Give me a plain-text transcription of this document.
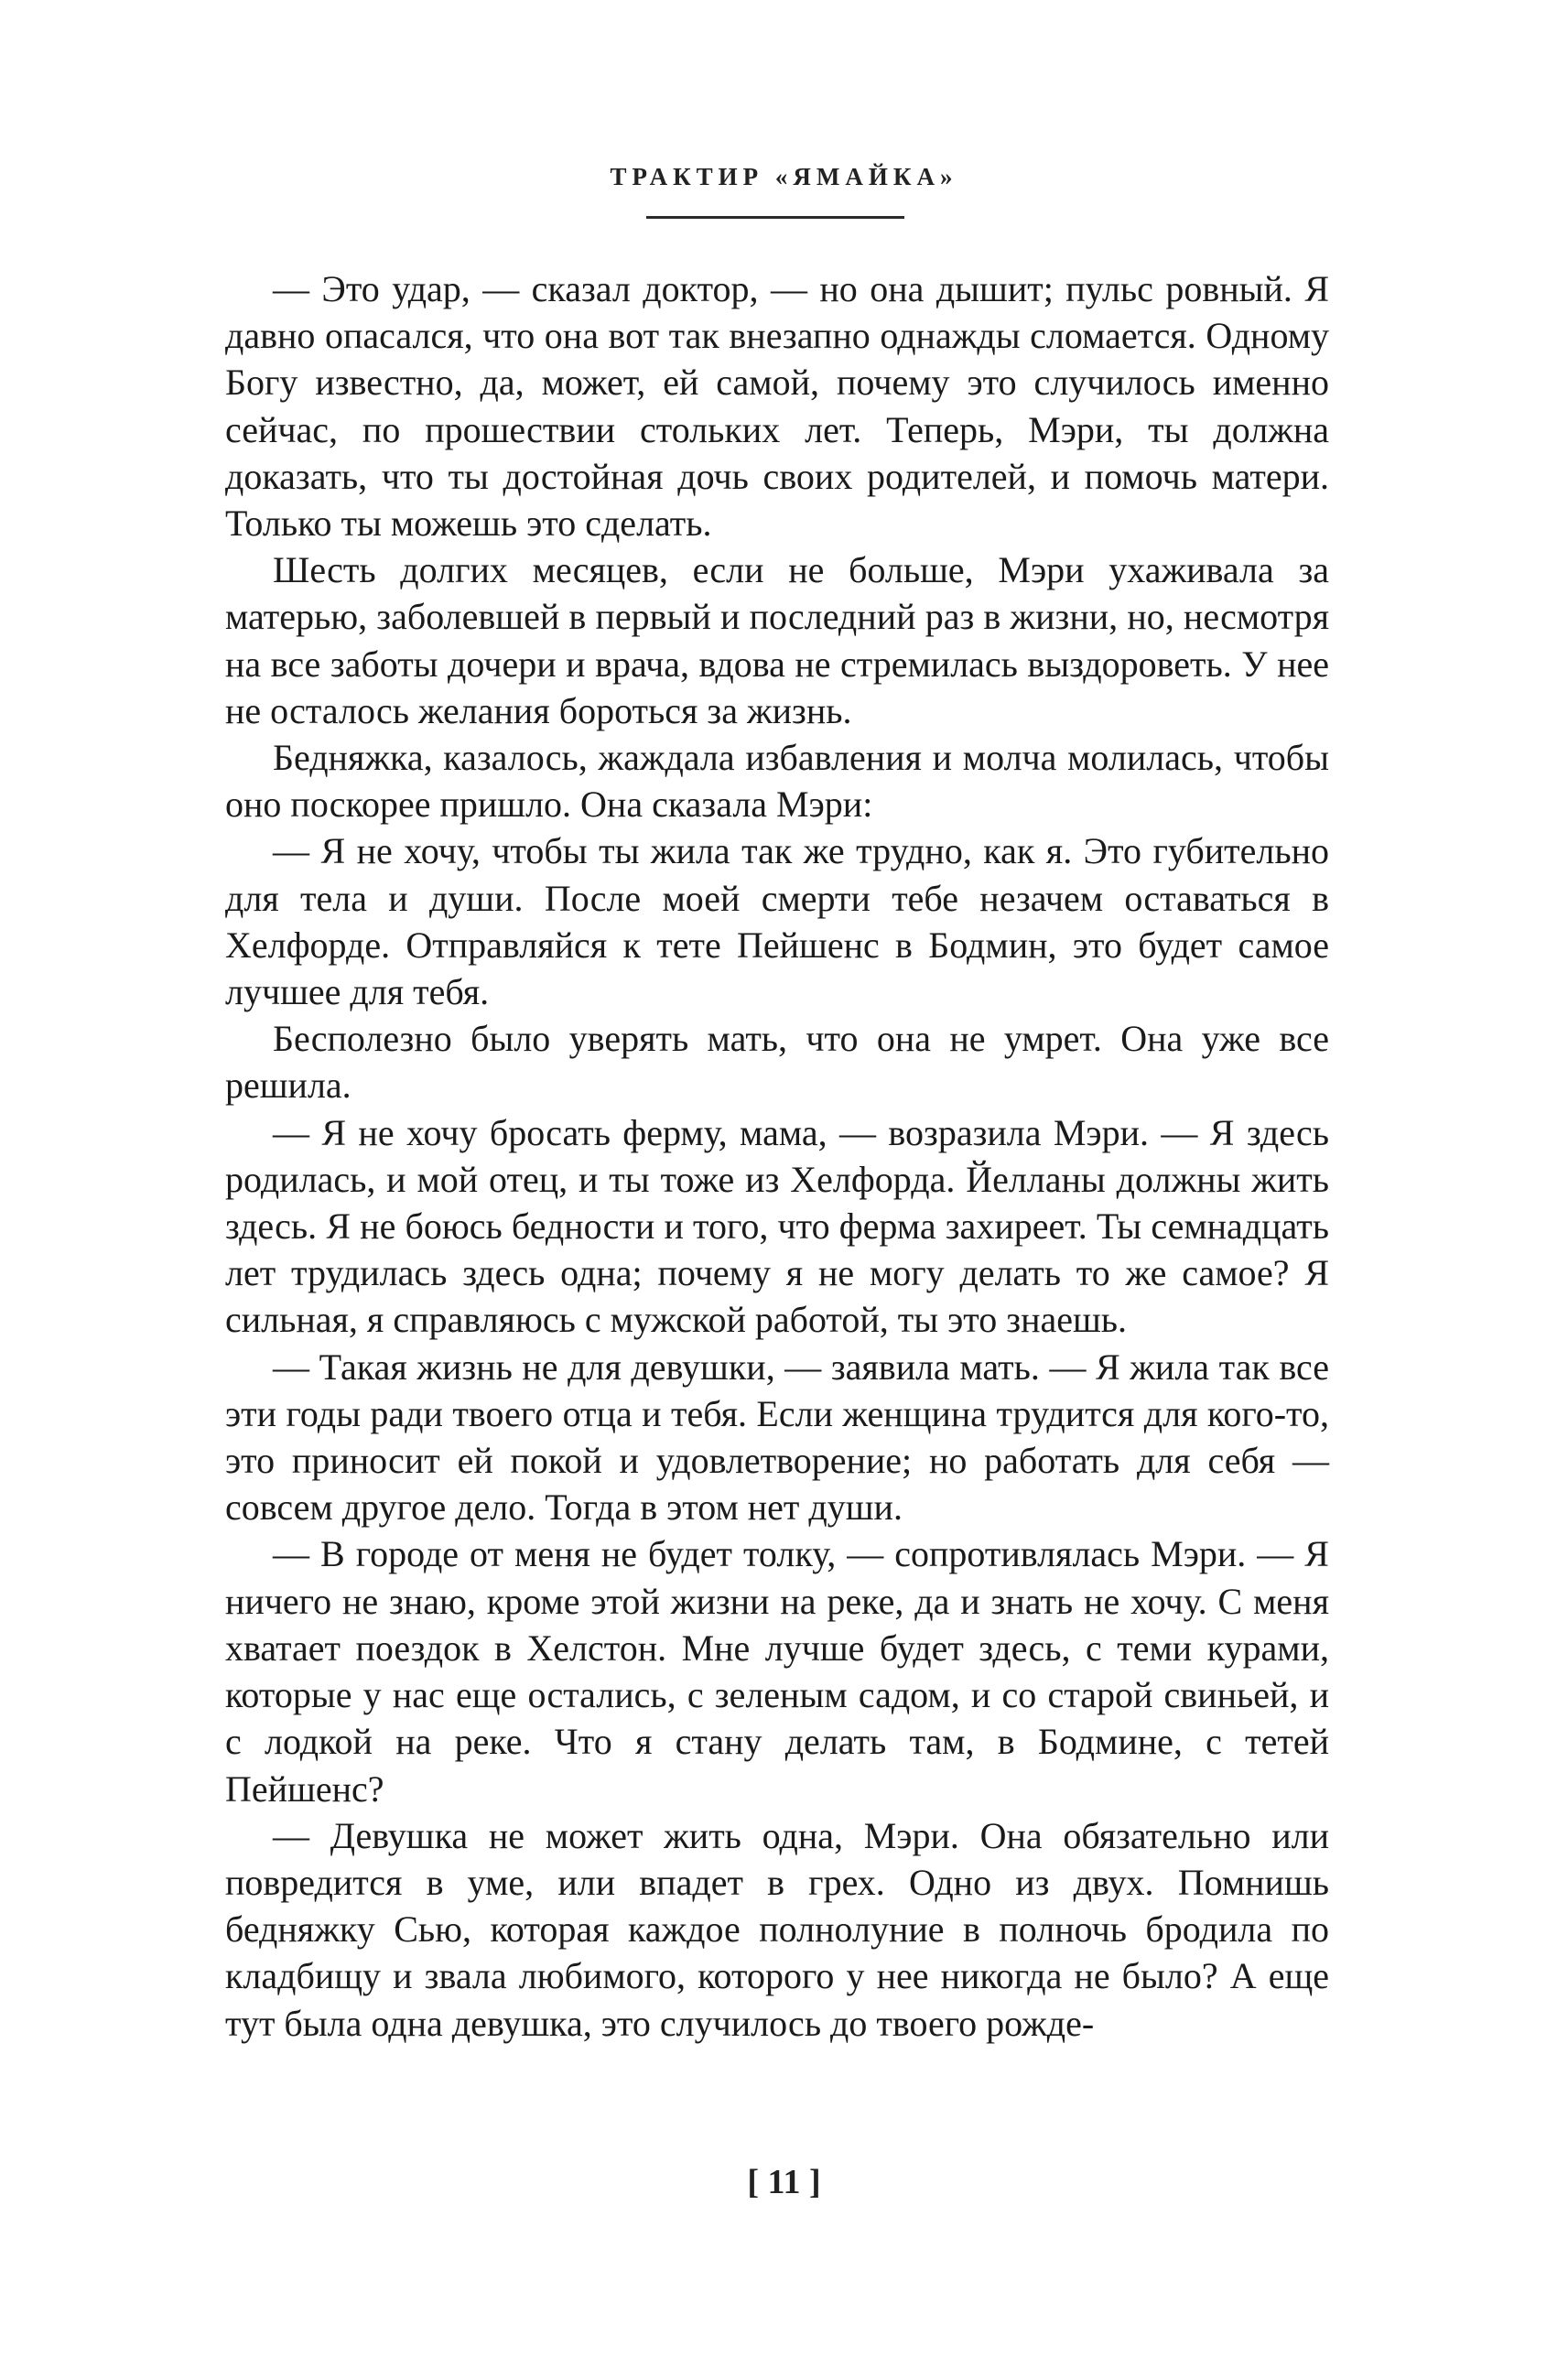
ТРАКТИР «ЯМАЙКА»

— Это удар, — сказал доктор, — но она дышит; пульс ровный. Я давно опасался, что она вот так внезапно однажды сломается. Одному Богу известно, да, может, ей самой, почему это случилось именно сейчас, по прошествии стольких лет. Теперь, Мэри, ты должна доказать, что ты достойная дочь своих родителей, и помочь матери. Только ты можешь это сделать.

Шесть долгих месяцев, если не больше, Мэри ухаживала за матерью, заболевшей в первый и последний раз в жизни, но, несмотря на все заботы дочери и врача, вдова не стремилась выздороветь. У нее не осталось желания бороться за жизнь.

Бедняжка, казалось, жаждала избавления и молча молилась, чтобы оно поскорее пришло. Она сказала Мэри:

— Я не хочу, чтобы ты жила так же трудно, как я. Это губительно для тела и души. После моей смерти тебе незачем оставаться в Хелфорде. Отправляйся к тете Пейшенс в Бодмин, это будет самое лучшее для тебя.

Бесполезно было уверять мать, что она не умрет. Она уже все решила.

— Я не хочу бросать ферму, мама, — возразила Мэри. — Я здесь родилась, и мой отец, и ты тоже из Хелфорда. Йелланы должны жить здесь. Я не боюсь бедности и того, что ферма захиреет. Ты семнадцать лет трудилась здесь одна; почему я не могу делать то же самое? Я сильная, я справляюсь с мужской работой, ты это знаешь.

— Такая жизнь не для девушки, — заявила мать. — Я жила так все эти годы ради твоего отца и тебя. Если женщина трудится для кого-то, это приносит ей покой и удовлетворение; но работать для себя — совсем другое дело. Тогда в этом нет души.

— В городе от меня не будет толку, — сопротивлялась Мэри. — Я ничего не знаю, кроме этой жизни на реке, да и знать не хочу. С меня хватает поездок в Хелстон. Мне лучше будет здесь, с теми курами, которые у нас еще остались, с зеленым садом, и со старой свиньей, и с лодкой на реке. Что я стану делать там, в Бодмине, с тетей Пейшенс?

— Девушка не может жить одна, Мэри. Она обязательно или повредится в уме, или впадет в грех. Одно из двух. Помнишь бедняжку Сью, которая каждое полнолуние в полночь бродила по кладбищу и звала любимого, которого у нее никогда не было? А еще тут была одна девушка, это случилось до твоего рожде-

[ 11 ]
